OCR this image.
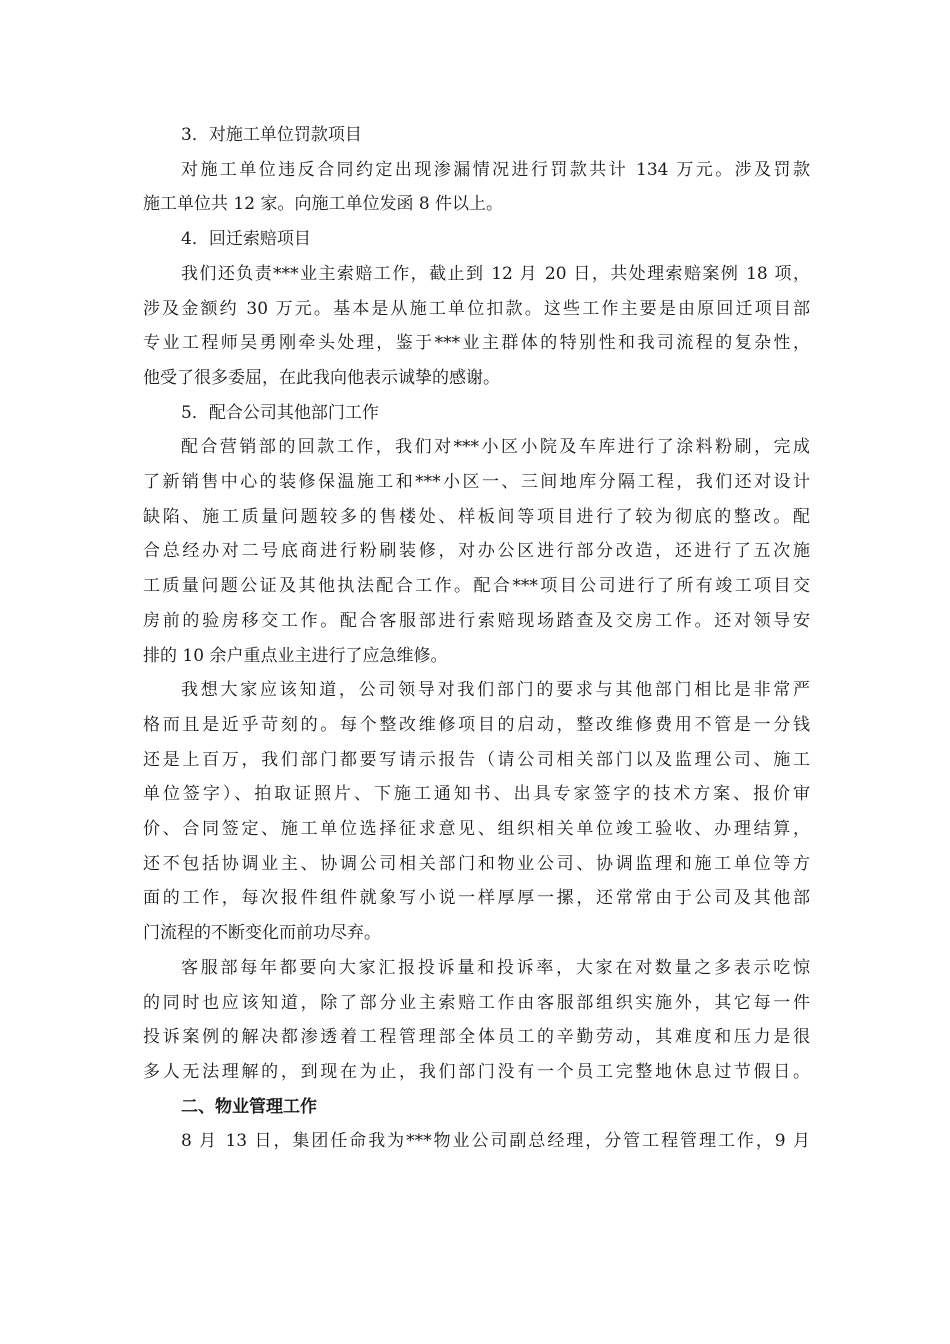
3．对施工单位罚款项目

对施工单位违反合同约定出现渗漏情况进行罚款共计 134 万元。涉及罚款

施工单位共 12 家。向施工单位发函 8 件以上。

4．回迁索赔项目

我们还负责***业主索赔工作，截止到 12 月 20 日，共处理索赔案例 18 项，

涉及金额约 30 万元。基本是从施工单位扣款。这些工作主要是由原回迁项目部

专业工程师吴勇刚牵头处理，鉴于***业主群体的特别性和我司流程的复杂性，

他受了很多委屈，在此我向他表示诚挚的感谢。

5．配合公司其他部门工作

配合营销部的回款工作，我们对***小区小院及车库进行了涂料粉刷，完成

了新销售中心的装修保温施工和***小区一、三间地库分隔工程，我们还对设计

缺陷、施工质量问题较多的售楼处、样板间等项目进行了较为彻底的整改。配

合总经办对二号底商进行粉刷装修，对办公区进行部分改造，还进行了五次施

工质量问题公证及其他执法配合工作。配合***项目公司进行了所有竣工项目交

房前的验房移交工作。配合客服部进行索赔现场踏查及交房工作。还对领导安

排的 10 余户重点业主进行了应急维修。

我想大家应该知道，公司领导对我们部门的要求与其他部门相比是非常严

格而且是近乎苛刻的。每个整改维修项目的启动，整改维修费用不管是一分钱

还是上百万，我们部门都要写请示报告（请公司相关部门以及监理公司、施工

单位签字）、拍取证照片、下施工通知书、出具专家签字的技术方案、报价审

价、合同签定、施工单位选择征求意见、组织相关单位竣工验收、办理结算，

还不包括协调业主、协调公司相关部门和物业公司、协调监理和施工单位等方

面的工作，每次报件组件就象写小说一样厚厚一摞，还常常由于公司及其他部

门流程的不断变化而前功尽弃。

客服部每年都要向大家汇报投诉量和投诉率，大家在对数量之多表示吃惊

的同时也应该知道，除了部分业主索赔工作由客服部组织实施外，其它每一件

投诉案例的解决都渗透着工程管理部全体员工的辛勤劳动，其难度和压力是很

多人无法理解的，到现在为止，我们部门没有一个员工完整地休息过节假日。

二、物业管理工作

8 月 13 日，集团任命我为***物业公司副总经理，分管工程管理工作，9 月
